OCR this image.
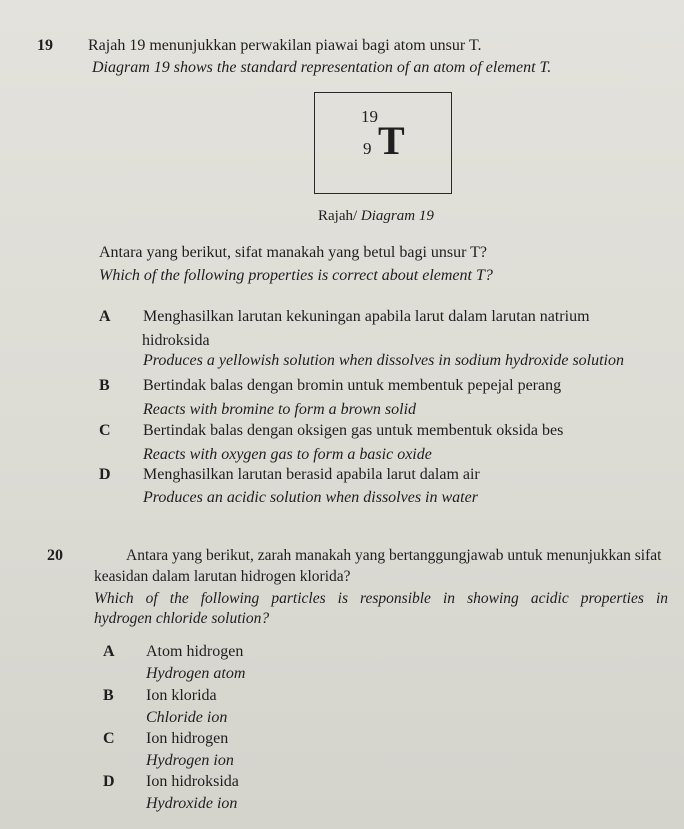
19 Rajah 19 menunjukkan perwakilan piawai bagi atom unsur T.
Diagram 19 shows the standard representation of an atom of element T.
19
9 T
Rajah/ Diagram 19
Antara yang berikut, sifat manakah yang betul bagi unsur T?
Which of the following properties is correct about element T?
A Menghasilkan larutan kekuningan apabila larut dalam larutan natrium
hidroksida
Produces a yellowish solution when dissolves in sodium hydroxide solution
B Bertindak balas dengan bromin untuk membentuk pepejal perang
Reacts with bromine to form a brown solid
C Bertindak balas dengan oksigen gas untuk membentuk oksida bes
Reacts with oxygen gas to form a basic oxide
D Menghasilkan larutan berasid apabila larut dalam air
Produces an acidic solution when dissolves in water
20	Antara yang berikut, zarah manakah yang bertanggungjawab untuk menunjukkan sifat
keasidan dalam larutan hidrogen klorida?
Which of the following particles is responsible in showing acidic properties in
hydrogen chloride solution?
A Atom hidrogen
Hydrogen atom
B Ion klorida
Chloride ion
C Ion hidrogen
Hydrogen ion
D Ion hidroksida
Hydroxide ion
